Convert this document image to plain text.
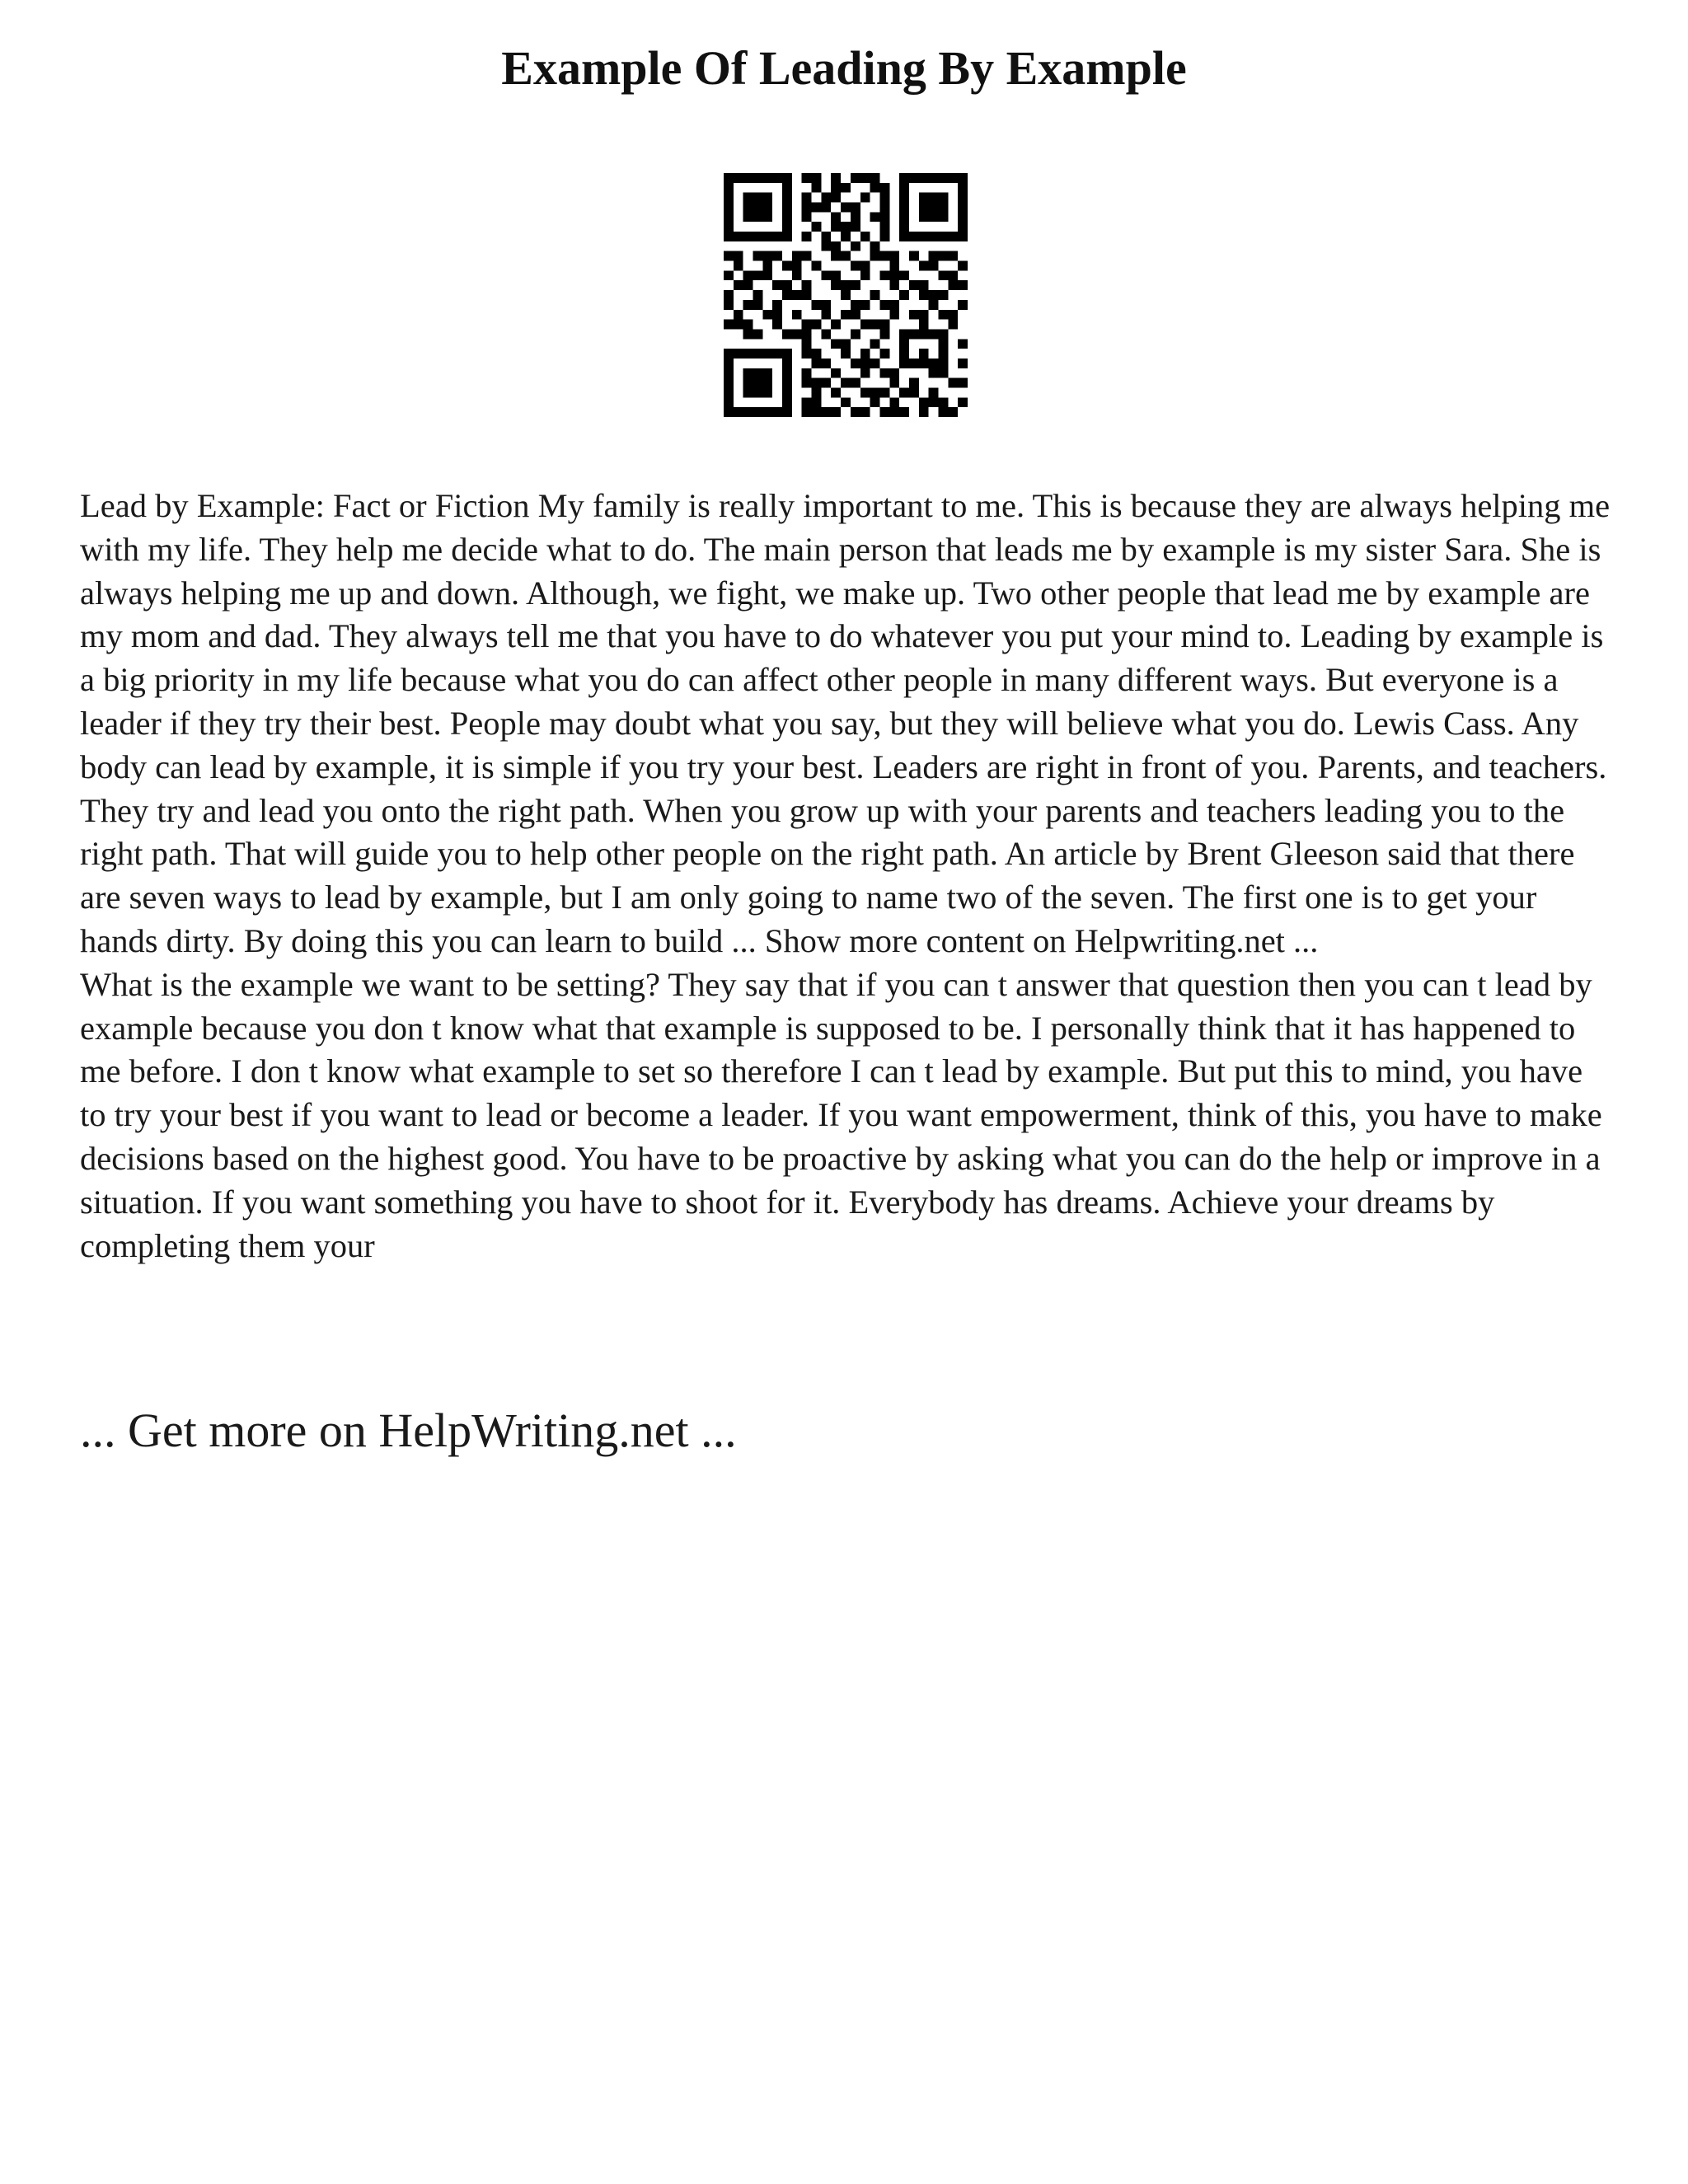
Example Of Leading By Example

Lead by Example: Fact or Fiction My family is really important to me. This is because they are always helping me with my life. They help me decide what to do. The main person that leads me by example is my sister Sara. She is always helping me up and down. Although, we fight, we make up. Two other people that lead me by example are my mom and dad. They always tell me that you have to do whatever you put your mind to. Leading by example is a big priority in my life because what you do can affect other people in many different ways. But everyone is a leader if they try their best. People may doubt what you say, but they will believe what you do. Lewis Cass. Any body can lead by example, it is simple if you try your best. Leaders are right in front of you. Parents, and teachers. They try and lead you onto the right path. When you grow up with your parents and teachers leading you to the right path. That will guide you to help other people on the right path. An article by Brent Gleeson said that there are seven ways to lead by example, but I am only going to name two of the seven. The first one is to get your hands dirty. By doing this you can learn to build ... Show more content on Helpwriting.net ...

What is the example we want to be setting? They say that if you can t answer that question then you can t lead by example because you don t know what that example is supposed to be. I personally think that it has happened to me before. I don t know what example to set so therefore I can t lead by example. But put this to mind, you have to try your best if you want to lead or become a leader. If you want empowerment, think of this, you have to make decisions based on the highest good. You have to be proactive by asking what you can do the help or improve in a situation. If you want something you have to shoot for it. Everybody has dreams. Achieve your dreams by completing them your

... Get more on HelpWriting.net ...
